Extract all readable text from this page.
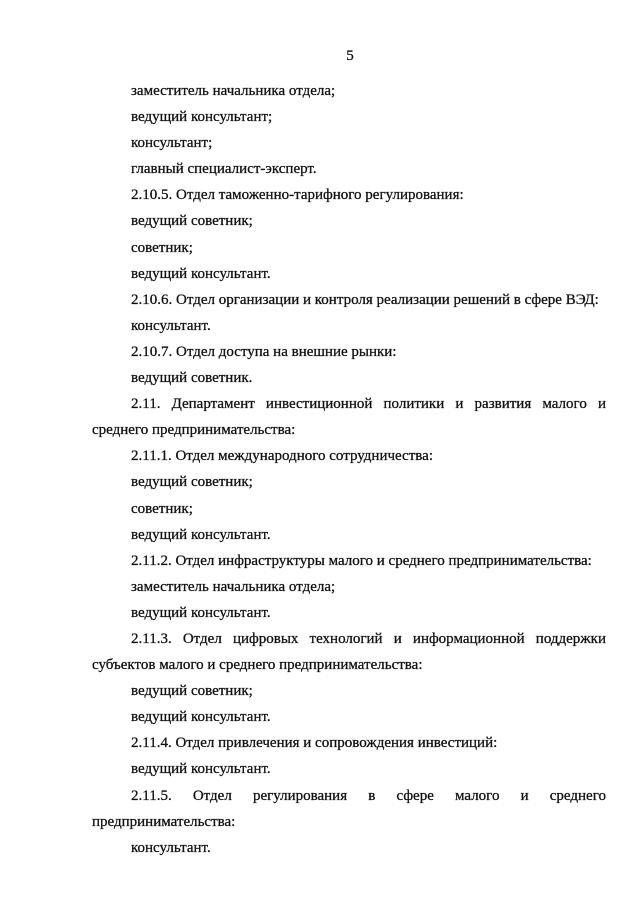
5

заместитель начальника отдела;

ведущий консультант;

консультант;

главный специалист-эксперт.

2.10.5. Отдел таможенно-тарифного регулирования:

ведущий советник;

советник;

ведущий консультант.

2.10.6. Отдел организации и контроля реализации решений в сфере ВЭД:

консультант.

2.10.7. Отдел доступа на внешние рынки:

ведущий советник.

2.11. Департамент инвестиционной политики и развития малого и среднего предпринимательства:

2.11.1. Отдел международного сотрудничества:

ведущий советник;

советник;

ведущий консультант.

2.11.2. Отдел инфраструктуры малого и среднего предпринимательства:

заместитель начальника отдела;

ведущий консультант.

2.11.3. Отдел цифровых технологий и информационной поддержки субъектов малого и среднего предпринимательства:

ведущий советник;

ведущий консультант.

2.11.4. Отдел привлечения и сопровождения инвестиций:

ведущий консультант.

2.11.5. Отдел регулирования в сфере малого и среднего предпринимательства:

консультант.
